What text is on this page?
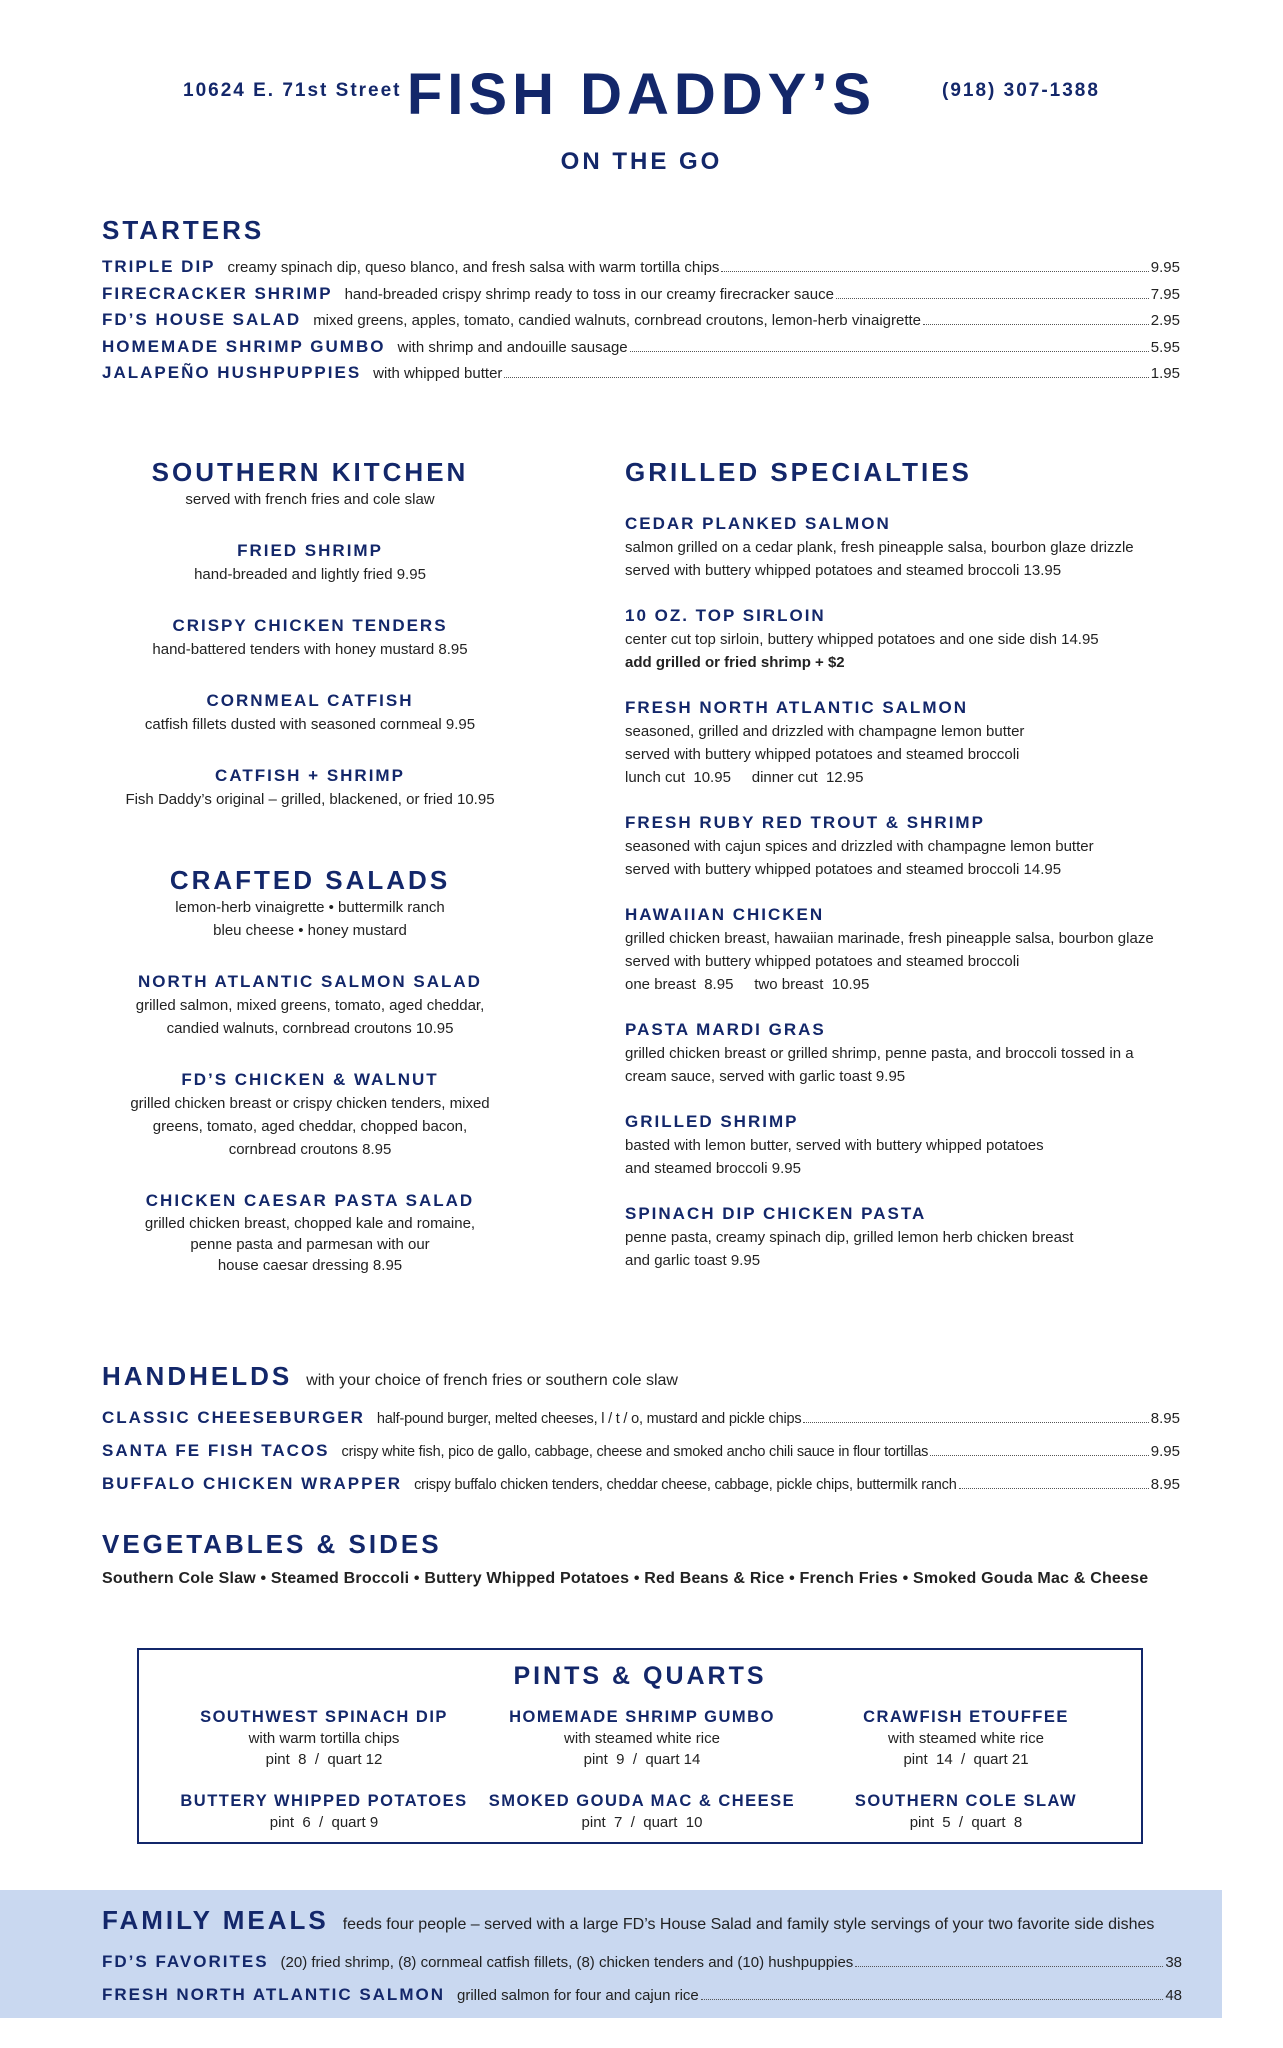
10624 E. 71st Street FISH DADDY’S	(918) 307-1388
ON THE GO
STARTERS
TRIPLE DIP creamy spinach dip, queso blanco, and fresh salsa with warm tortilla chips	9.95
FIRECRACKER SHRIMP hand-breaded crispy shrimp ready to toss in our creamy firecracker sauce	7.95
FD’S HOUSE SALAD mixed greens, apples, tomato, candied walnuts, cornbread croutons, lemon-herb vinaigrette	2.95
HOMEMADE SHRIMP GUMBO with shrimp and andouille sausage	5.95
JALAPEÑO HUSHPUPPIES with whipped butter	1.95
SOUTHERN KITCHEN
served with french fries and cole slaw
FRIED SHRIMP
hand-breaded and lightly fried 9.95
CRISPY CHICKEN TENDERS
hand-battered tenders with honey mustard 8.95
CORNMEAL CATFISH
catfish fillets dusted with seasoned cornmeal 9.95
CATFISH + SHRIMP
Fish Daddy’s original – grilled, blackened, or fried 10.95
CRAFTED SALADS
lemon-herb vinaigrette • buttermilk ranch
bleu cheese • honey mustard
NORTH ATLANTIC SALMON SALAD
grilled salmon, mixed greens, tomato, aged cheddar,
candied walnuts, cornbread croutons 10.95
FD’S CHICKEN & WALNUT
grilled chicken breast or crispy chicken tenders, mixed
greens, tomato, aged cheddar, chopped bacon,
cornbread croutons 8.95
CHICKEN CAESAR PASTA SALAD
grilled chicken breast, chopped kale and romaine,
penne pasta and parmesan with our
house caesar dressing 8.95
GRILLED SPECIALTIES
CEDAR PLANKED SALMON
salmon grilled on a cedar plank, fresh pineapple salsa, bourbon glaze drizzle
served with buttery whipped potatoes and steamed broccoli 13.95
10 OZ. TOP SIRLOIN
center cut top sirloin, buttery whipped potatoes and one side dish 14.95
add grilled or fried shrimp + $2
FRESH NORTH ATLANTIC SALMON
seasoned, grilled and drizzled with champagne lemon butter
served with buttery whipped potatoes and steamed broccoli
lunch cut  10.95     dinner cut  12.95
FRESH RUBY RED TROUT & SHRIMP
seasoned with cajun spices and drizzled with champagne lemon butter
served with buttery whipped potatoes and steamed broccoli 14.95
HAWAIIAN CHICKEN
grilled chicken breast, hawaiian marinade, fresh pineapple salsa, bourbon glaze
served with buttery whipped potatoes and steamed broccoli
one breast  8.95     two breast  10.95
PASTA MARDI GRAS
grilled chicken breast or grilled shrimp, penne pasta, and broccoli tossed in a
cream sauce, served with garlic toast 9.95
GRILLED SHRIMP
basted with lemon butter, served with buttery whipped potatoes
and steamed broccoli 9.95
SPINACH DIP CHICKEN PASTA
penne pasta, creamy spinach dip, grilled lemon herb chicken breast
and garlic toast 9.95
HANDHELDS with your choice of french fries or southern cole slaw
CLASSIC CHEESEBURGER half-pound burger, melted cheeses, l / t / o, mustard and pickle chips	8.95
SANTA FE FISH TACOS crispy white fish, pico de gallo, cabbage, cheese and smoked ancho chili sauce in flour tortillas	9.95
BUFFALO CHICKEN WRAPPER crispy buffalo chicken tenders, cheddar cheese, cabbage, pickle chips, buttermilk ranch	8.95
VEGETABLES & SIDES
Southern Cole Slaw • Steamed Broccoli • Buttery Whipped Potatoes • Red Beans & Rice • French Fries • Smoked Gouda Mac & Cheese
PINTS & QUARTS
SOUTHWEST SPINACH DIP
with warm tortilla chips
pint  8  /  quart 12
HOMEMADE SHRIMP GUMBO
with steamed white rice
pint  9  /  quart 14
CRAWFISH ETOUFFEE
with steamed white rice
pint  14  /  quart 21
BUTTERY WHIPPED POTATOES
pint  6  /  quart 9
SMOKED GOUDA MAC & CHEESE
pint  7  /  quart  10
SOUTHERN COLE SLAW
pint  5  /  quart  8
FAMILY MEALS feeds four people – served with a large FD’s House Salad and family style servings of your two favorite side dishes
FD’S FAVORITES (20) fried shrimp, (8) cornmeal catfish fillets, (8) chicken tenders and (10) hushpuppies	38
FRESH NORTH ATLANTIC SALMON grilled salmon for four and cajun rice	48
